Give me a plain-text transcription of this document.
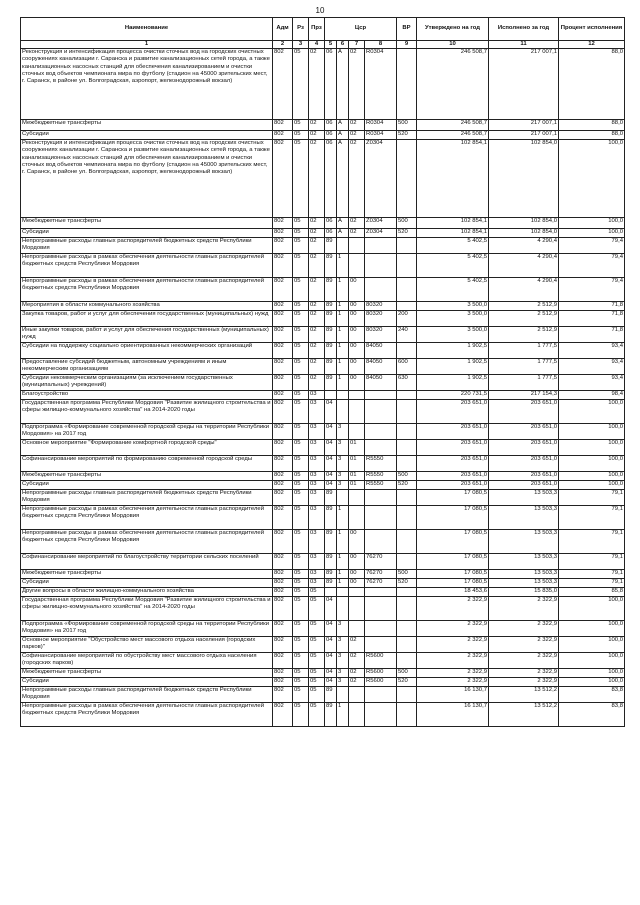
10
Наименование	Адм	Рз	Прз	Цср				ВР	Утверждено на год	Исполнено за год	Процент исполнения
1	2	3	4	5	6	7	8	9	10	11	12
Реконструкция и интенсификация процесса очистки сточных вод на городских очистных сооружениях канализации г. Саранска и развитие канализационных сетей города, а также канализационных насосных станций для обеспечения канализированием и очистки сточных вод объектов чемпионата мира по футболу (стадион на 45000 зрительских мест, г. Саранск, в районе ул. Волгоградская, аэропорт, железнодорожный вокзал)	802	05	02	06	А	02	R0304		246 508,7	217 007,1	88,0
Межбюджетные трансферты	802	05	02	06	А	02	R0304	500	246 508,7	217 007,1	88,0
Субсидии	802	05	02	06	А	02	R0304	520	246 508,7	217 007,1	88,0
Реконструкция и интенсификация процесса очистки сточных вод на городских очистных сооружениях канализации г. Саранска и развитие канализационных сетей города, а также канализационных насосных станций для обеспечения канализированием и очистки сточных вод объектов чемпионата мира по футболу (стадион на 45000 зрительских мест, г. Саранск, в районе ул. Волгоградская, аэропорт, железнодорожный вокзал)	802	05	02	06	А	02	Z0304		102 854,1	102 854,0	100,0
Межбюджетные трансферты	802	05	02	06	А	02	Z0304	500	102 854,1	102 854,0	100,0
Субсидии	802	05	02	06	А	02	Z0304	520	102 854,1	102 854,0	100,0
Непрограммные расходы главных распорядителей бюджетных средств Республики Мордовия	802	05	02	89					5 402,5	4 290,4	79,4
Непрограммные расходы в рамках обеспечения деятельности главных распорядителей бюджетных средств Республики Мордовия	802	05	02	89	1				5 402,5	4 290,4	79,4
Непрограммные расходы в рамках обеспечения деятельности главных распорядителей бюджетных средств Республики Мордовия	802	05	02	89	1	00			5 402,5	4 290,4	79,4
Мероприятия в области коммунального хозяйства	802	05	02	89	1	00	80320		3 500,0	2 512,9	71,8
Закупка товаров, работ и услуг для обеспечения государственных (муниципальных) нужд	802	05	02	89	1	00	80320	200	3 500,0	2 512,9	71,8
Иные закупки товаров, работ и услуг для обеспечения государственных (муниципальных) нужд	802	05	02	89	1	00	80320	240	3 500,0	2 512,9	71,8
Субсидии на поддержку социально ориентированных некоммерческих организаций	802	05	02	89	1	00	84050		1 902,5	1 777,5	93,4
Предоставление субсидий бюджетным, автономным учреждениям и иным некоммерческим организациям	802	05	02	89	1	00	84050	600	1 902,5	1 777,5	93,4
Субсидии некоммерческим организациям (за исключением государственных (муниципальных) учреждений)	802	05	02	89	1	00	84050	630	1 902,5	1 777,5	93,4
Благоустройство	802	05	03						220 731,5	217 154,3	98,4
Государственная программа Республики Мордовия "Развитие жилищного строительства и сферы жилищно-коммунального хозяйства" на 2014-2020 годы	802	05	03	04					203 651,0	203 651,0	100,0
Подпрограмма «Формирование современной городской среды на территории Республики Мордовия» на 2017 год	802	05	03	04	3				203 651,0	203 651,0	100,0
Основное мероприятие "Формирование комфортной городской среды"	802	05	03	04	3	01			203 651,0	203 651,0	100,0
Софинансирование мероприятий по формированию современной городской среды	802	05	03	04	3	01	R5550		203 651,0	203 651,0	100,0
Межбюджетные трансферты	802	05	03	04	3	01	R5550	500	203 651,0	203 651,0	100,0
Субсидии	802	05	03	04	3	01	R5550	520	203 651,0	203 651,0	100,0
Непрограммные расходы главных распорядителей бюджетных средств Республики Мордовия	802	05	03	89					17 080,5	13 503,3	79,1
Непрограммные расходы в рамках обеспечения деятельности главных распорядителей бюджетных средств Республики Мордовия	802	05	03	89	1				17 080,5	13 503,3	79,1
Непрограммные расходы в рамках обеспечения деятельности главных распорядителей бюджетных средств Республики Мордовия	802	05	03	89	1	00			17 080,5	13 503,3	79,1
Софинансирование мероприятий по благоустройству территории сельских поселений	802	05	03	89	1	00	76270		17 080,5	13 503,3	79,1
Межбюджетные трансферты	802	05	03	89	1	00	76270	500	17 080,5	13 503,3	79,1
Субсидии	802	05	03	89	1	00	76270	520	17 080,5	13 503,3	79,1
Другие вопросы в области жилищно-коммунального хозяйства	802	05	05						18 453,6	15 835,0	85,8
Государственная программа Республики Мордовия "Развитие жилищного строительства и сферы жилищно-коммунального хозяйства" на 2014-2020 годы	802	05	05	04					2 322,9	2 322,9	100,0
Подпрограмма «Формирование современной городской среды на территории Республики Мордовия» на 2017 год	802	05	05	04	3				2 322,9	2 322,9	100,0
Основное мероприятие "Обустройство мест массового отдыха населения (городских парков)"	802	05	05	04	3	02			2 322,9	2 322,9	100,0
Софинансирование мероприятий по обустройству мест массового отдыха населения (городских парков)	802	05	05	04	3	02	R5600		2 322,9	2 322,9	100,0
Межбюджетные трансферты	802	05	05	04	3	02	R5600	500	2 322,9	2 322,9	100,0
Субсидии	802	05	05	04	3	02	R5600	520	2 322,9	2 322,9	100,0
Непрограммные расходы главных распорядителей бюджетных средств Республики Мордовия	802	05	05	89					16 130,7	13 512,2	83,8
Непрограммные расходы в рамках обеспечения деятельности главных распорядителей бюджетных средств Республики Мордовия	802	05	05	89	1				16 130,7	13 512,2	83,8
